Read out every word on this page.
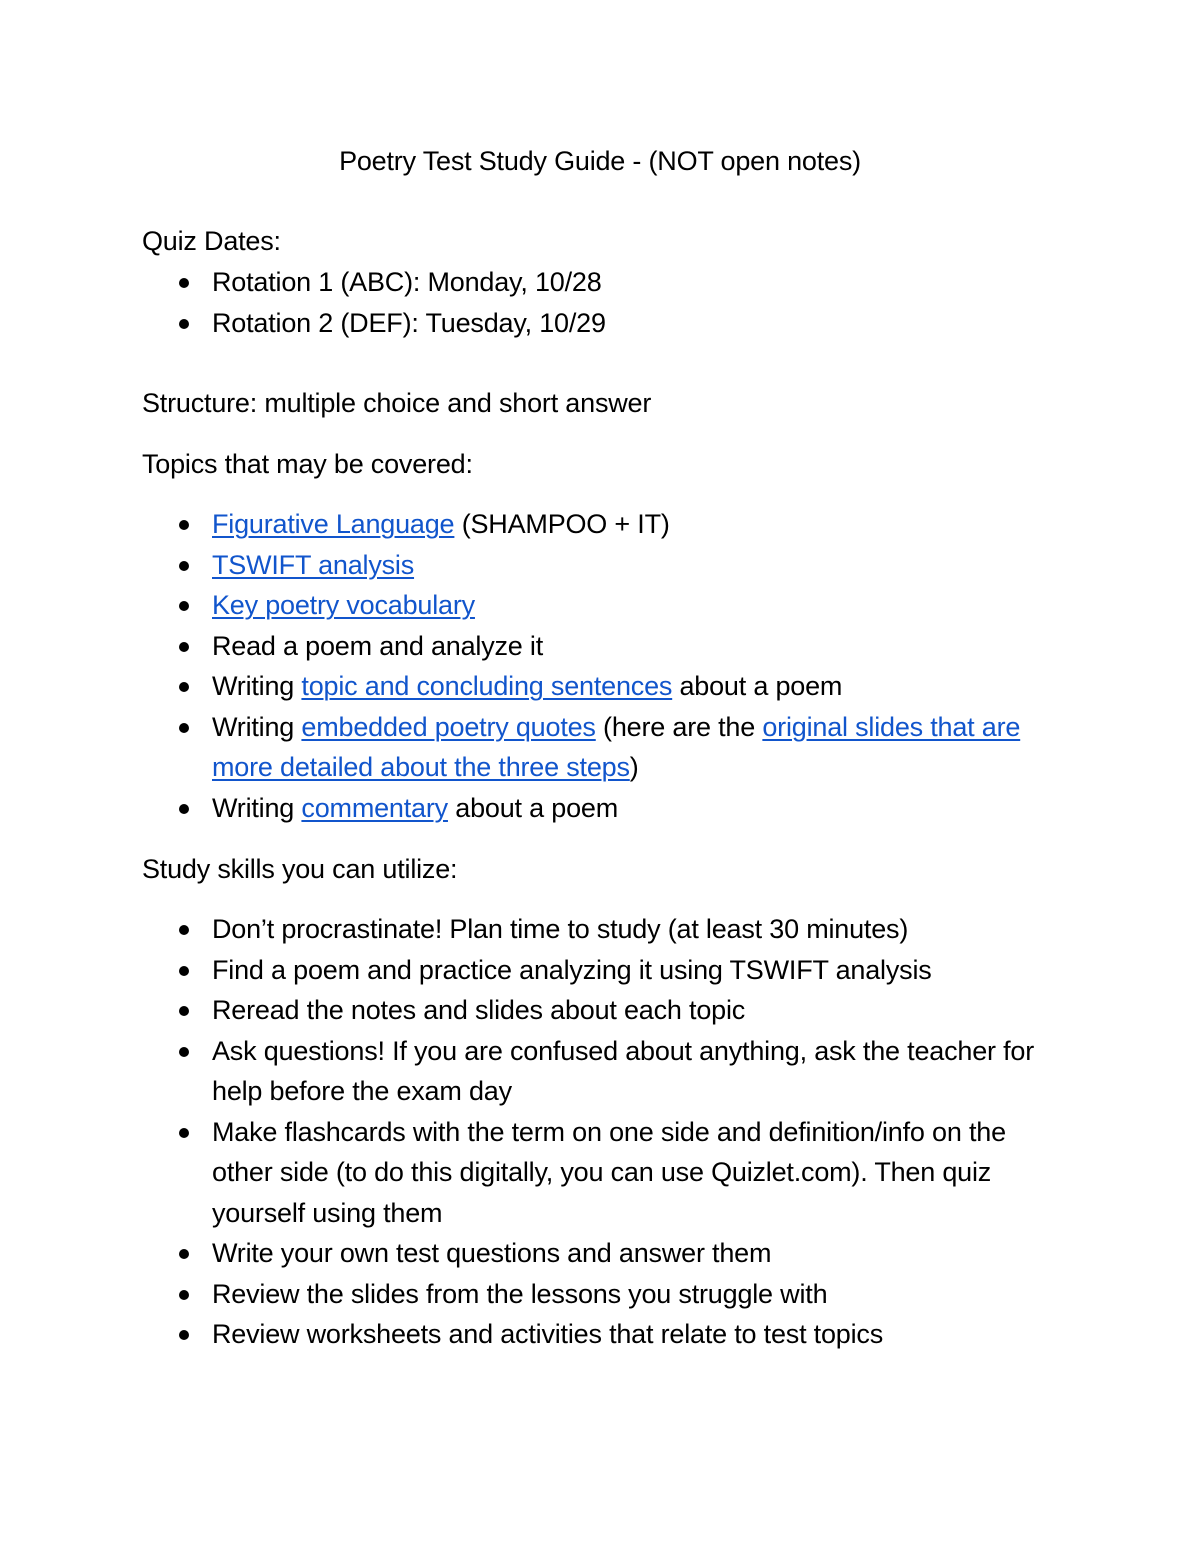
Poetry Test Study Guide - (NOT open notes)

Quiz Dates:

Rotation 1 (ABC): Monday, 10/28
Rotation 2 (DEF): Tuesday, 10/29

Structure: multiple choice and short answer

Topics that may be covered:

Figurative Language (SHAMPOO + IT)
TSWIFT analysis
Key poetry vocabulary
Read a poem and analyze it
Writing topic and concluding sentences about a poem
Writing embedded poetry quotes (here are the original slides that are more detailed about the three steps)
Writing commentary about a poem

Study skills you can utilize:

Don’t procrastinate! Plan time to study (at least 30 minutes)
Find a poem and practice analyzing it using TSWIFT analysis
Reread the notes and slides about each topic
Ask questions! If you are confused about anything, ask the teacher for help before the exam day
Make flashcards with the term on one side and definition/info on the other side (to do this digitally, you can use Quizlet.com). Then quiz yourself using them
Write your own test questions and answer them
Review the slides from the lessons you struggle with
Review worksheets and activities that relate to test topics
